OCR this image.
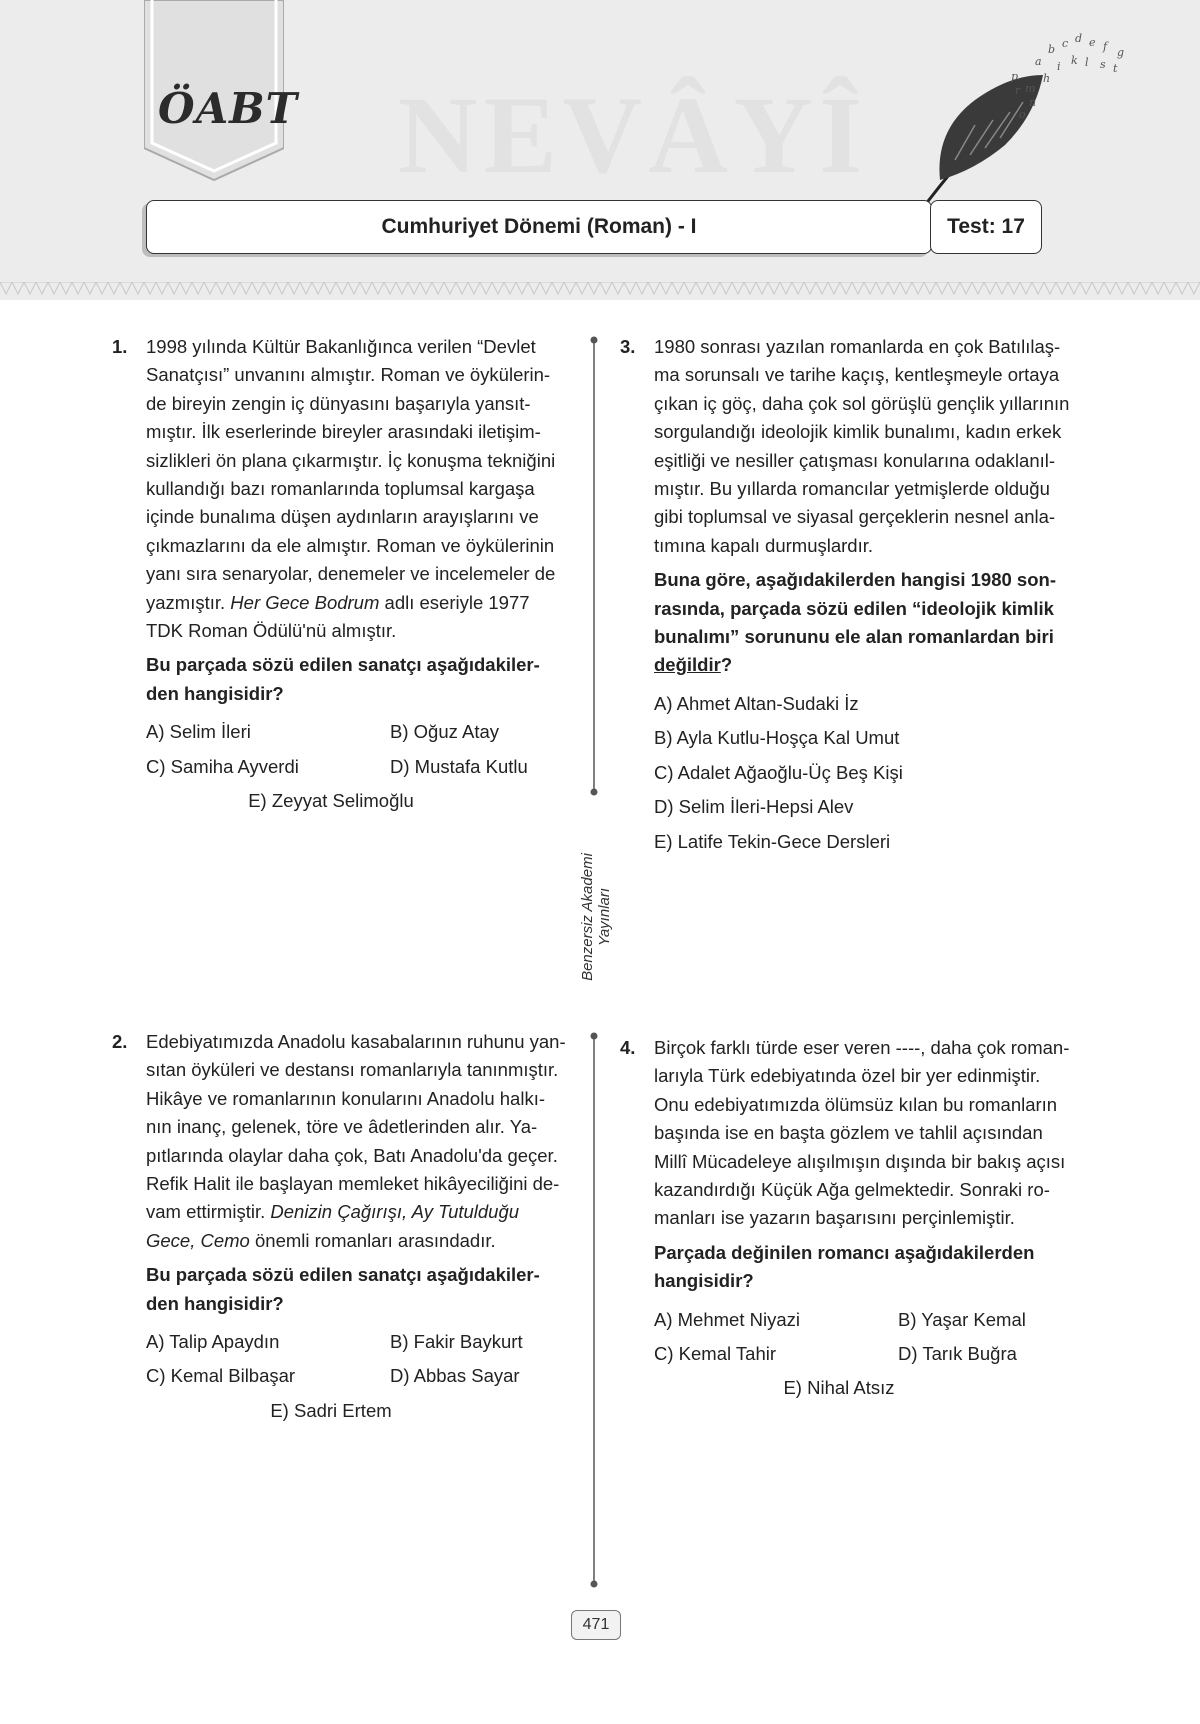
ÖABT NEVÂYÎ
a
b c d e f g
h
i k l
m
n
o
p
r
s t
Cumhuriyet Dönemi (Roman) - I	Test: 17
1. 1998 yılında Kültür Bakanlığınca verilen “Devlet
Sanatçısı” unvanını almıştır. Roman ve öykülerin-
de bireyin zengin iç dünyasını başarıyla yansıt-
mıştır. İlk eserlerinde bireyler arasındaki iletişim-
sizlikleri ön plana çıkarmıştır. İç konuşma tekniğini
kullandığı bazı romanlarında toplumsal kargaşa
içinde bunalıma düşen aydınların arayışlarını ve
çıkmazlarını da ele almıştır. Roman ve öykülerinin
yanı sıra senaryolar, denemeler ve incelemeler de
yazmıştır. Her Gece Bodrum adlı eseriyle 1977
TDK Roman Ödülü'nü almıştır.
Bu parçada sözü edilen sanatçı aşağıdakiler-
den hangisidir?
A) Selim İleri	B) Oğuz Atay
C) Samiha Ayverdi	D) Mustafa Kutlu
E) Zeyyat Selimoğlu
2. Edebiyatımızda Anadolu kasabalarının ruhunu yan-
sıtan öyküleri ve destansı romanlarıyla tanınmıştır.
Hikâye ve romanlarının konularını Anadolu halkı-
nın inanç, gelenek, töre ve âdetlerinden alır. Ya-
pıtlarında olaylar daha çok, Batı Anadolu'da geçer.
Refik Halit ile başlayan memleket hikâyeciliğini de-
vam ettirmiştir. Denizin Çağırışı, Ay Tutulduğu
Gece, Cemo önemli romanları arasındadır.
Bu parçada sözü edilen sanatçı aşağıdakiler-
den hangisidir?
A) Talip Apaydın	B) Fakir Baykurt
C) Kemal Bilbaşar	D) Abbas Sayar
E) Sadri Ertem
3. 1980 sonrası yazılan romanlarda en çok Batılılaş-
ma sorunsalı ve tarihe kaçış, kentleşmeyle ortaya
çıkan iç göç, daha çok sol görüşlü gençlik yıllarının
sorgulandığı ideolojik kimlik bunalımı, kadın erkek
eşitliği ve nesiller çatışması konularına odaklanıl-
mıştır. Bu yıllarda romancılar yetmişlerde olduğu
gibi toplumsal ve siyasal gerçeklerin nesnel anla-
tımına kapalı durmuşlardır.
Buna göre, aşağıdakilerden hangisi 1980 son-
rasında, parçada sözü edilen “ideolojik kimlik
bunalımı” sorununu ele alan romanlardan biri
değildir?
A) Ahmet Altan-Sudaki İz
B) Ayla Kutlu-Hoşça Kal Umut
C) Adalet Ağaoğlu-Üç Beş Kişi
D) Selim İleri-Hepsi Alev
E) Latife Tekin-Gece Dersleri
4. Birçok farklı türde eser veren ----, daha çok roman-
larıyla Türk edebiyatında özel bir yer edinmiştir.
Onu edebiyatımızda ölümsüz kılan bu romanların
başında ise en başta gözlem ve tahlil açısından
Millî Mücadeleye alışılmışın dışında bir bakış açısı
kazandırdığı Küçük Ağa gelmektedir. Sonraki ro-
manları ise yazarın başarısını perçinlemiştir.
Parçada değinilen romancı aşağıdakilerden
hangisidir?
A) Mehmet Niyazi	B) Yaşar Kemal
C) Kemal Tahir	D) Tarık Buğra
E) Nihal Atsız
Benzersiz Akademi Yayınları
471
